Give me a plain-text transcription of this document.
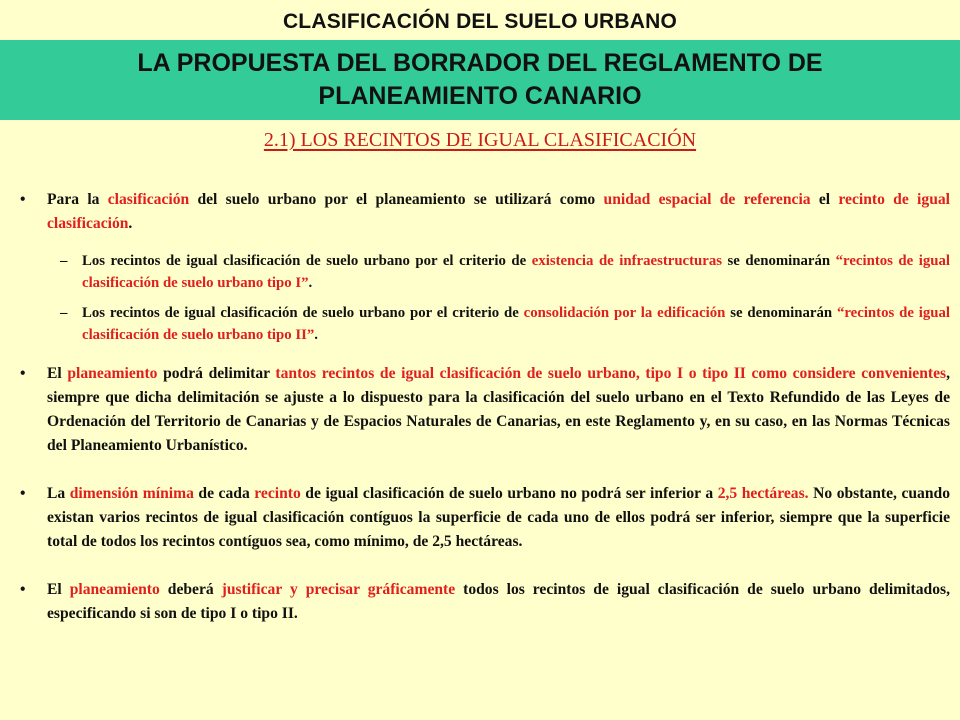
CLASIFICACIÓN DEL SUELO URBANO
LA PROPUESTA DEL BORRADOR DEL REGLAMENTO DE
PLANEAMIENTO CANARIO
2.1) LOS RECINTOS DE IGUAL CLASIFICACIÓN
•	Para la clasificación del suelo urbano por el planeamiento se utilizará como unidad espacial de referencia el recinto de igual clasificación.
– Los recintos de igual clasificación de suelo urbano por el criterio de existencia de infraestructuras se denominarán “recintos de igual clasificación de suelo urbano tipo I”.
– Los recintos de igual clasificación de suelo urbano por el criterio de consolidación por la edificación se denominarán “recintos de igual clasificación de suelo urbano tipo II”.
•	El planeamiento podrá delimitar tantos recintos de igual clasificación de suelo urbano, tipo I o tipo II como considere convenientes, siempre que dicha delimitación se ajuste a lo dispuesto para la clasificación del suelo urbano en el Texto Refundido de las Leyes de Ordenación del Territorio de Canarias y de Espacios Naturales de Canarias, en este Reglamento y, en su caso, en las Normas Técnicas del Planeamiento Urbanístico.
•	La dimensión mínima de cada recinto de igual clasificación de suelo urbano no podrá ser inferior a 2,5 hectáreas. No obstante, cuando existan varios recintos de igual clasificación contíguos la superficie de cada uno de ellos podrá ser inferior, siempre que la superficie total de todos los recintos contíguos sea, como mínimo, de 2,5 hectáreas.
•	El planeamiento deberá justificar y precisar gráficamente todos los recintos de igual clasificación de suelo urbano delimitados, especificando si son de tipo I o tipo II.
